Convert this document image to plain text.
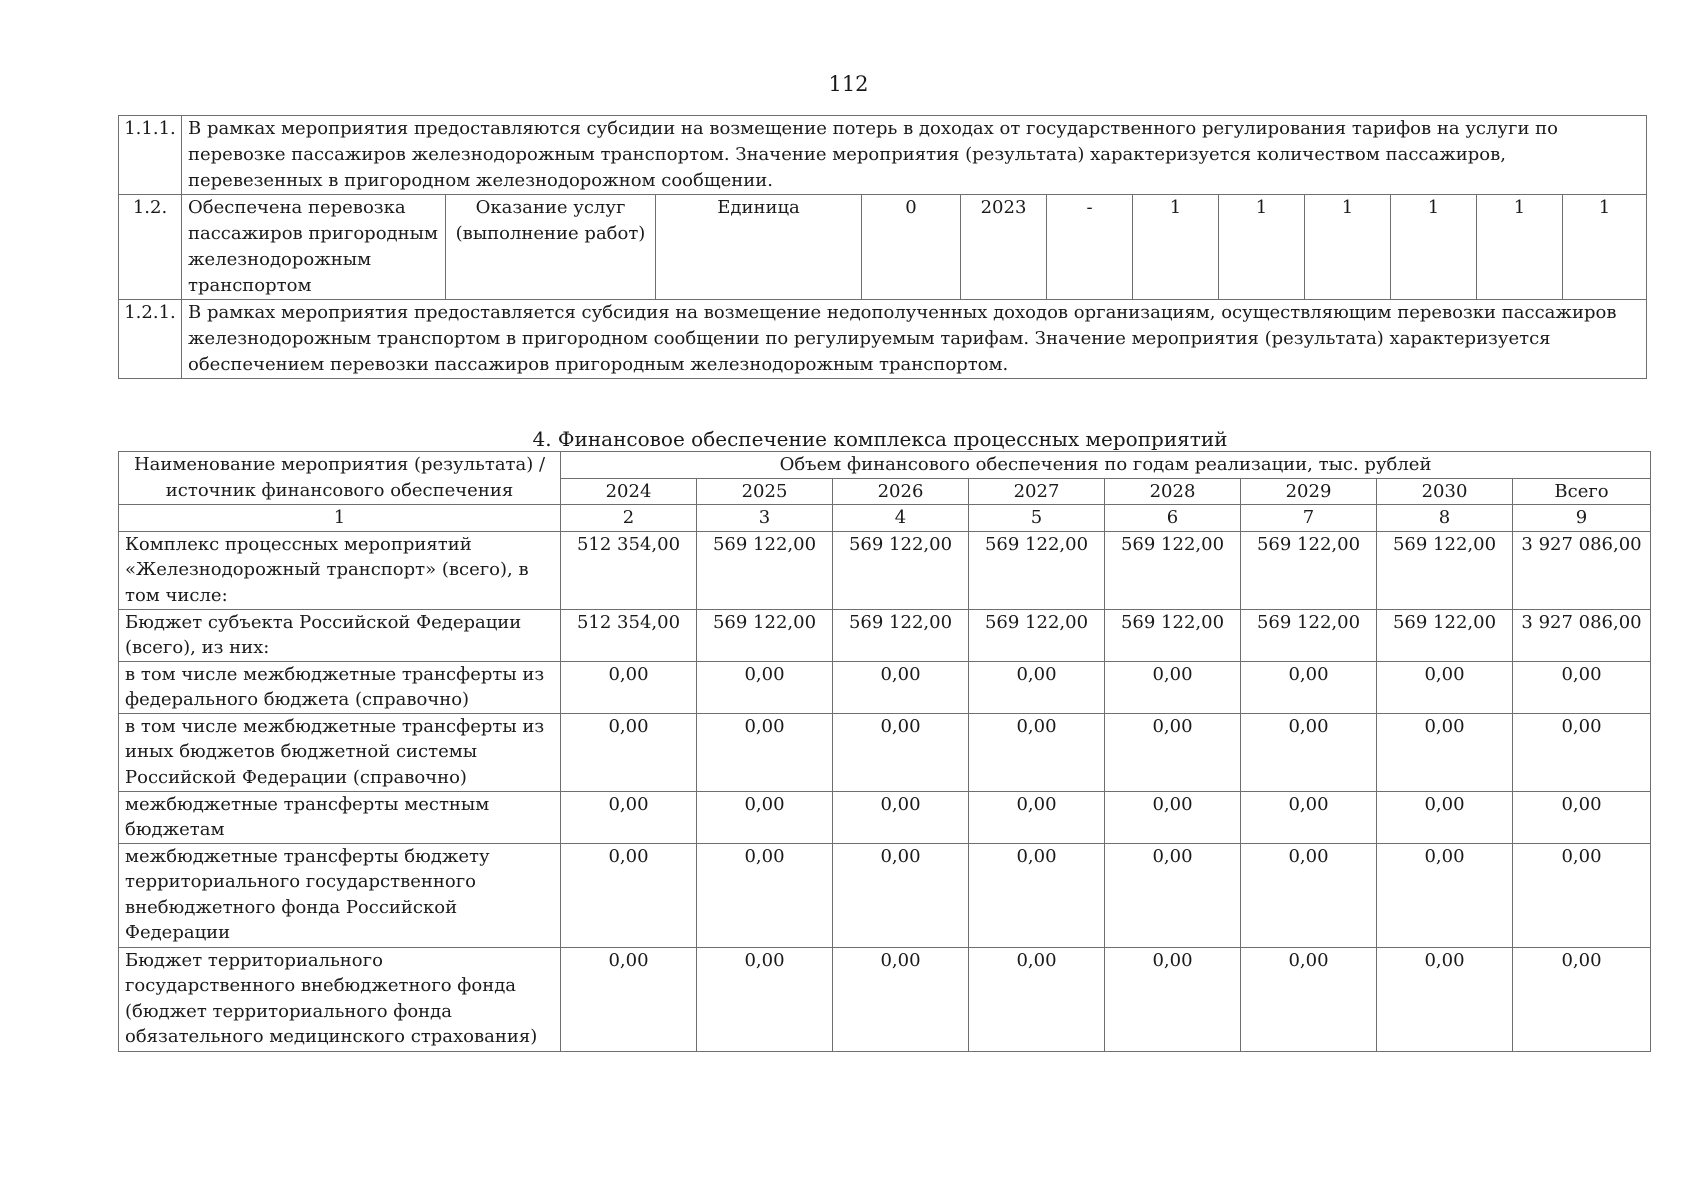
112
1.1.1.	В рамках мероприятия предоставляются субсидии на возмещение потерь в доходах от государственного регулирования тарифов на услуги по перевозке пассажиров железнодорожным транспортом. Значение мероприятия (результата) характеризуется количеством пассажиров, перевезенных в пригородном железнодорожном сообщении.											
1.2.	Обеспечена перевозка пассажиров пригородным железнодорожным транспортом	Оказание услуг (выполнение работ)	Единица	0	2023	-	1	1	1	1	1	1
1.2.1.	В рамках мероприятия предоставляется субсидия на возмещение недополученных доходов организациям, осуществляющим перевозки пассажиров железнодорожным транспортом в пригородном сообщении по регулируемым тарифам. Значение мероприятия (результата) характеризуется обеспечением перевозки пассажиров пригородным железнодорожным транспортом.											
4. Финансовое обеспечение комплекса процессных мероприятий
Наименование мероприятия (результата) / источник финансового обеспечения	Объем финансового обеспечения по годам реализации, тыс. рублей							
	2024	2025	2026	2027	2028	2029	2030	Всего
1	2	3	4	5	6	7	8	9
Комплекс процессных мероприятий «Железнодорожный транспорт» (всего), в том числе:	512 354,00	569 122,00	569 122,00	569 122,00	569 122,00	569 122,00	569 122,00	3 927 086,00
Бюджет субъекта Российской Федерации (всего), из них:	512 354,00	569 122,00	569 122,00	569 122,00	569 122,00	569 122,00	569 122,00	3 927 086,00
в том числе межбюджетные трансферты из федерального бюджета (справочно)	0,00	0,00	0,00	0,00	0,00	0,00	0,00	0,00
в том числе межбюджетные трансферты из иных бюджетов бюджетной системы Российской Федерации (справочно)	0,00	0,00	0,00	0,00	0,00	0,00	0,00	0,00
межбюджетные трансферты местным бюджетам	0,00	0,00	0,00	0,00	0,00	0,00	0,00	0,00
межбюджетные трансферты бюджету территориального государственного внебюджетного фонда Российской Федерации	0,00	0,00	0,00	0,00	0,00	0,00	0,00	0,00
Бюджет территориального государственного внебюджетного фонда (бюджет территориального фонда обязательного медицинского страхования)	0,00	0,00	0,00	0,00	0,00	0,00	0,00	0,00
